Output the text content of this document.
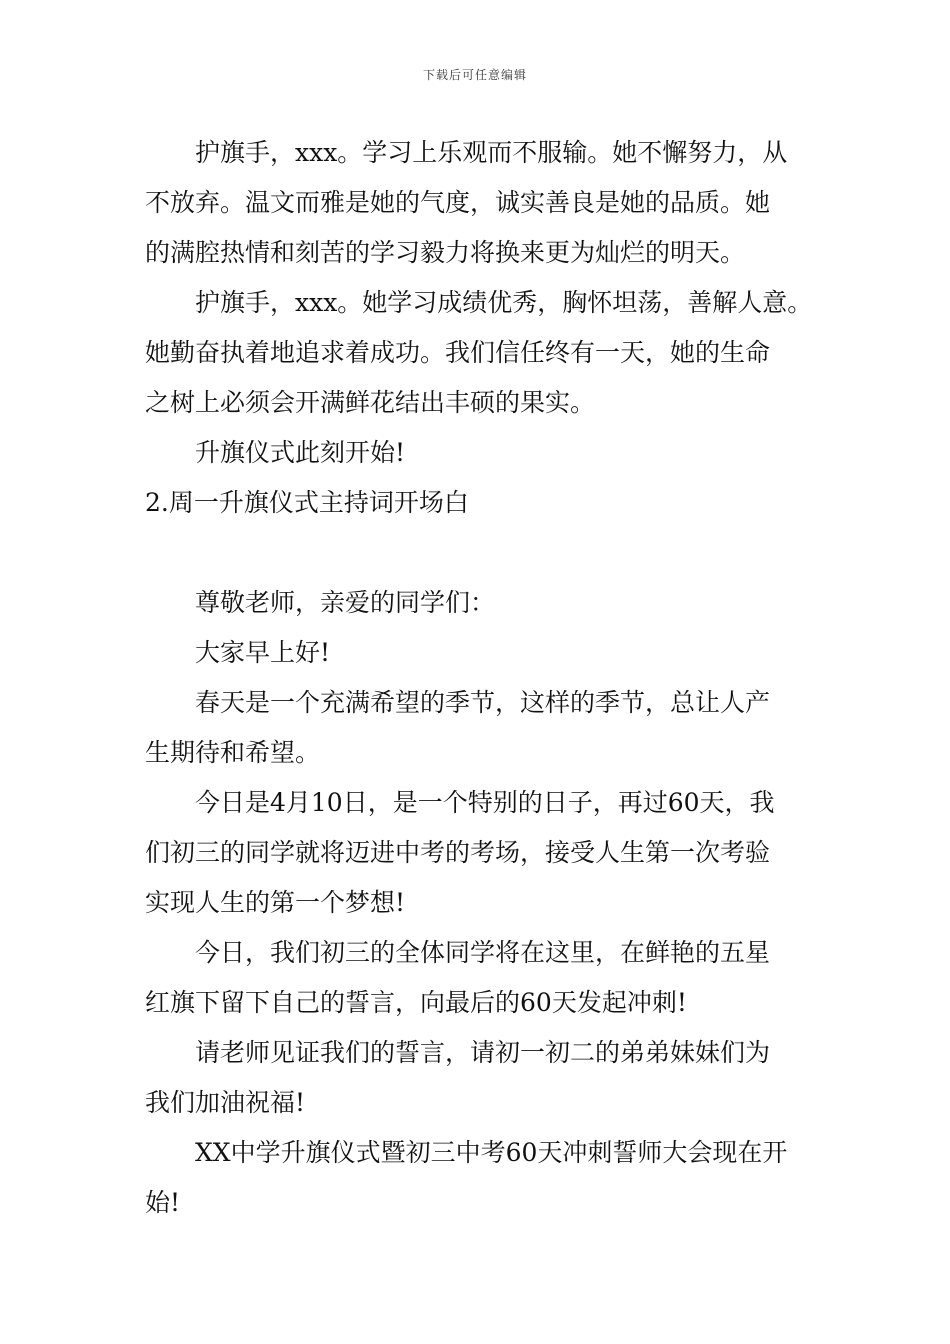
下载后可任意编辑
护旗手，xxx。学习上乐观而不服输。她不懈努力，从
不放弃。温文而雅是她的气度，诚实善良是她的品质。她
的满腔热情和刻苦的学习毅力将换来更为灿烂的明天。
护旗手，xxx。她学习成绩优秀，胸怀坦荡，善解人意。
她勤奋执着地追求着成功。我们信任终有一天，她的生命
之树上必须会开满鲜花结出丰硕的果实。
升旗仪式此刻开始!
2.周一升旗仪式主持词开场白
尊敬老师，亲爱的同学们：
大家早上好!
春天是一个充满希望的季节，这样的季节，总让人产
生期待和希望。
今日是4月10日，是一个特别的日子，再过60天，我
们初三的同学就将迈进中考的考场，接受人生第一次考验
实现人生的第一个梦想!
今日，我们初三的全体同学将在这里，在鲜艳的五星
红旗下留下自己的誓言，向最后的60天发起冲刺!
请老师见证我们的誓言，请初一初二的弟弟妹妹们为
我们加油祝福!
XX中学升旗仪式暨初三中考60天冲刺誓师大会现在开
始!
